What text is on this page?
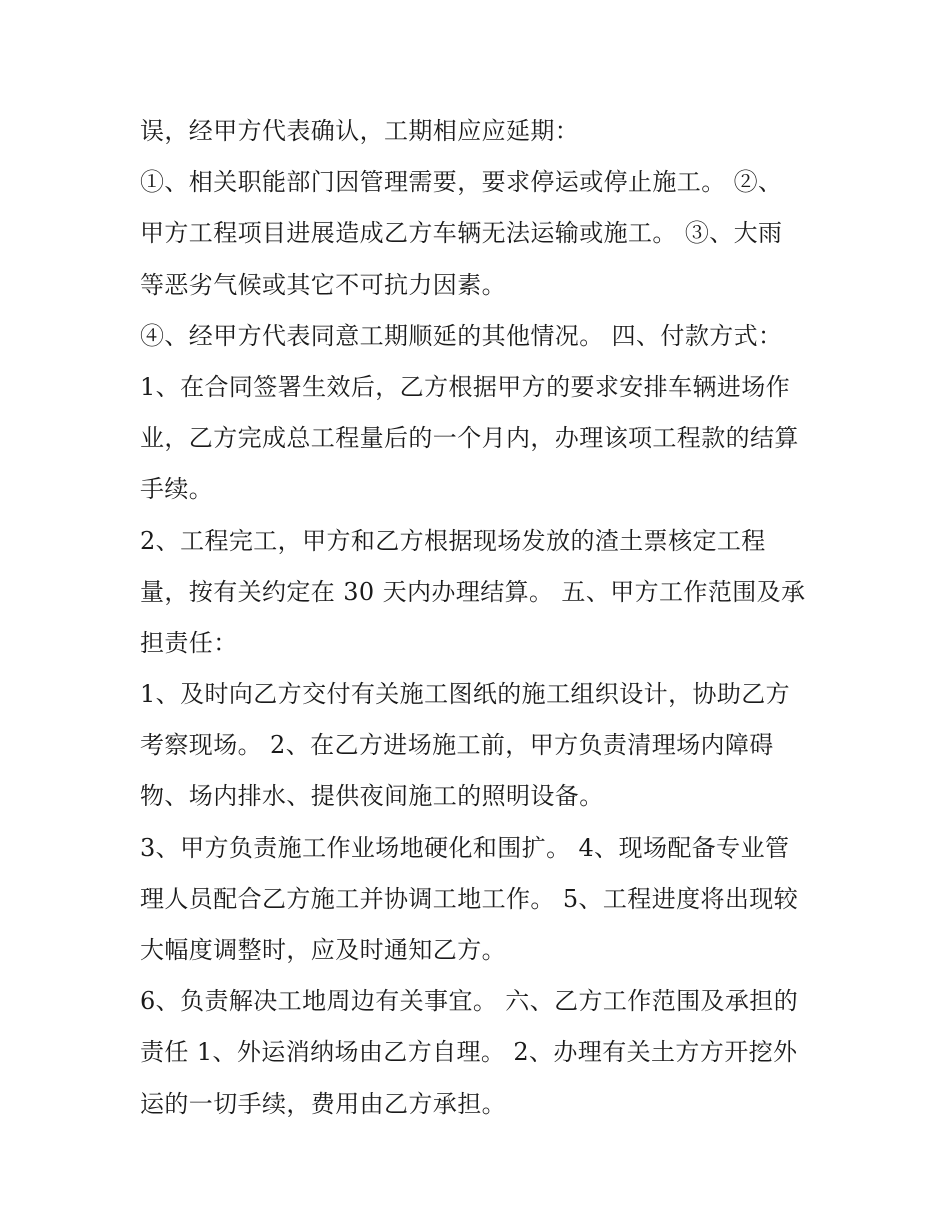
误，经甲方代表确认，工期相应应延期：
①、相关职能部门因管理需要，要求停运或停止施工。 ②、
甲方工程项目进展造成乙方车辆无法运输或施工。 ③、大雨
等恶劣气候或其它不可抗力因素。
④、经甲方代表同意工期顺延的其他情况。 四、付款方式：
1、在合同签署生效后，乙方根据甲方的要求安排车辆进场作
业，乙方完成总工程量后的一个月内，办理该项工程款的结算
手续。
2、工程完工，甲方和乙方根据现场发放的渣土票核定工程
量，按有关约定在 30 天内办理结算。 五、甲方工作范围及承
担责任：
1、及时向乙方交付有关施工图纸的施工组织设计，协助乙方
考察现场。 2、在乙方进场施工前，甲方负责清理场内障碍
物、场内排水、提供夜间施工的照明设备。
3、甲方负责施工作业场地硬化和围扩。 4、现场配备专业管
理人员配合乙方施工并协调工地工作。 5、工程进度将出现较
大幅度调整时，应及时通知乙方。
6、负责解决工地周边有关事宜。 六、乙方工作范围及承担的
责任 1、外运消纳场由乙方自理。 2、办理有关土方方开挖外
运的一切手续，费用由乙方承担。
